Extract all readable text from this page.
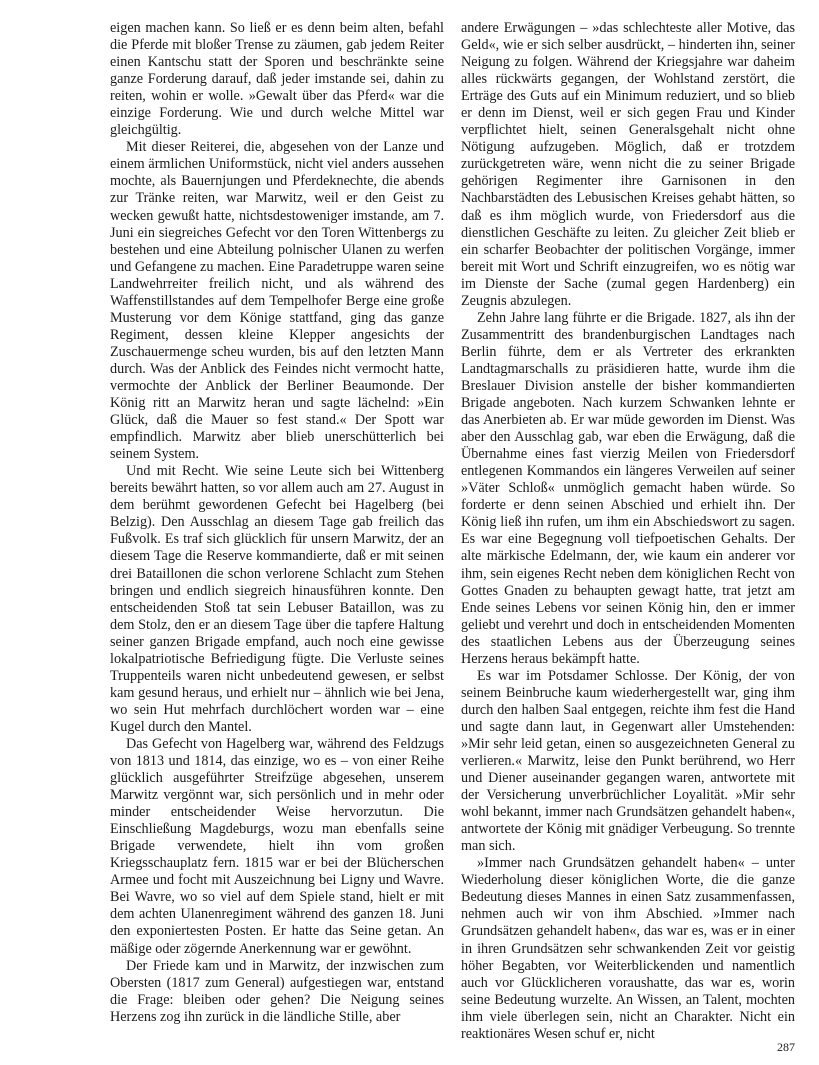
eigen machen kann. So ließ er es denn beim alten, befahl die Pferde mit bloßer Trense zu zäumen, gab jedem Reiter einen Kantschu statt der Sporen und beschränkte seine ganze Forderung darauf, daß jeder imstande sei, dahin zu reiten, wohin er wolle. »Gewalt über das Pferd« war die einzige Forderung. Wie und durch welche Mittel war gleichgültig.

Mit dieser Reiterei, die, abgesehen von der Lanze und einem ärmlichen Uniformstück, nicht viel anders aussehen mochte, als Bauernjungen und Pferdeknechte, die abends zur Tränke reiten, war Marwitz, weil er den Geist zu wecken gewußt hatte, nichtsdestoweniger imstande, am 7. Juni ein siegreiches Gefecht vor den Toren Wittenbergs zu bestehen und eine Abteilung polnischer Ulanen zu werfen und Gefangene zu machen. Eine Paradetruppe waren seine Landwehrreiter freilich nicht, und als während des Waffenstillstandes auf dem Tempelhofer Berge eine große Musterung vor dem Könige stattfand, ging das ganze Regiment, dessen kleine Klepper angesichts der Zuschauermenge scheu wurden, bis auf den letzten Mann durch. Was der Anblick des Feindes nicht vermocht hatte, vermochte der Anblick der Berliner Beaumonde. Der König ritt an Marwitz heran und sagte lächelnd: »Ein Glück, daß die Mauer so fest stand.« Der Spott war empfindlich. Marwitz aber blieb unerschütterlich bei seinem System.

Und mit Recht. Wie seine Leute sich bei Wittenberg bereits bewährt hatten, so vor allem auch am 27. August in dem berühmt gewordenen Gefecht bei Hagelberg (bei Belzig). Den Ausschlag an diesem Tage gab freilich das Fußvolk. Es traf sich glücklich für unsern Marwitz, der an diesem Tage die Reserve kommandierte, daß er mit seinen drei Bataillonen die schon verlorene Schlacht zum Stehen bringen und endlich siegreich hinausführen konnte. Den entscheidenden Stoß tat sein Lebuser Bataillon, was zu dem Stolz, den er an diesem Tage über die tapfere Haltung seiner ganzen Brigade empfand, auch noch eine gewisse lokalpatriotische Befriedigung fügte. Die Verluste seines Truppenteils waren nicht unbedeutend gewesen, er selbst kam gesund heraus, und erhielt nur – ähnlich wie bei Jena, wo sein Hut mehrfach durchlöchert worden war – eine Kugel durch den Mantel.

Das Gefecht von Hagelberg war, während des Feldzugs von 1813 und 1814, das einzige, wo es – von einer Reihe glücklich ausgeführter Streifzüge abgesehen, unserem Marwitz vergönnt war, sich persönlich und in mehr oder minder entscheidender Weise hervorzutun. Die Einschließung Magdeburgs, wozu man ebenfalls seine Brigade verwendete, hielt ihn vom großen Kriegsschauplatz fern. 1815 war er bei der Blücherschen Armee und focht mit Auszeichnung bei Ligny und Wavre. Bei Wavre, wo so viel auf dem Spiele stand, hielt er mit dem achten Ulanenregiment während des ganzen 18. Juni den exponiertesten Posten. Er hatte das Seine getan. An mäßige oder zögernde Anerkennung war er gewöhnt.

Der Friede kam und in Marwitz, der inzwischen zum Obersten (1817 zum General) aufgestiegen war, entstand die Frage: bleiben oder gehen? Die Neigung seines Herzens zog ihn zurück in die ländliche Stille, aber

andere Erwägungen – »das schlechteste aller Motive, das Geld«, wie er sich selber ausdrückt, – hinderten ihn, seiner Neigung zu folgen. Während der Kriegsjahre war daheim alles rückwärts gegangen, der Wohlstand zerstört, die Erträge des Guts auf ein Minimum reduziert, und so blieb er denn im Dienst, weil er sich gegen Frau und Kinder verpflichtet hielt, seinen Generalsgehalt nicht ohne Nötigung aufzugeben. Möglich, daß er trotzdem zurückgetreten wäre, wenn nicht die zu seiner Brigade gehörigen Regimenter ihre Garnisonen in den Nachbarstädten des Lebusischen Kreises gehabt hätten, so daß es ihm möglich wurde, von Friedersdorf aus die dienstlichen Geschäfte zu leiten. Zu gleicher Zeit blieb er ein scharfer Beobachter der politischen Vorgänge, immer bereit mit Wort und Schrift einzugreifen, wo es nötig war im Dienste der Sache (zumal gegen Hardenberg) ein Zeugnis abzulegen.

Zehn Jahre lang führte er die Brigade. 1827, als ihn der Zusammentritt des brandenburgischen Landtages nach Berlin führte, dem er als Vertreter des erkrankten Landtagmarschalls zu präsidieren hatte, wurde ihm die Breslauer Division anstelle der bisher kommandierten Brigade angeboten. Nach kurzem Schwanken lehnte er das Anerbieten ab. Er war müde geworden im Dienst. Was aber den Ausschlag gab, war eben die Erwägung, daß die Übernahme eines fast vierzig Meilen von Friedersdorf entlegenen Kommandos ein längeres Verweilen auf seiner »Väter Schloß« unmöglich gemacht haben würde. So forderte er denn seinen Abschied und erhielt ihn. Der König ließ ihn rufen, um ihm ein Abschiedswort zu sagen. Es war eine Begegnung voll tiefpoetischen Gehalts. Der alte märkische Edelmann, der, wie kaum ein anderer vor ihm, sein eigenes Recht neben dem königlichen Recht von Gottes Gnaden zu behaupten gewagt hatte, trat jetzt am Ende seines Lebens vor seinen König hin, den er immer geliebt und verehrt und doch in entscheidenden Momenten des staatlichen Lebens aus der Überzeugung seines Herzens heraus bekämpft hatte.

Es war im Potsdamer Schlosse. Der König, der von seinem Beinbruche kaum wiederhergestellt war, ging ihm durch den halben Saal entgegen, reichte ihm fest die Hand und sagte dann laut, in Gegenwart aller Umstehenden: »Mir sehr leid getan, einen so ausgezeichneten General zu verlieren.« Marwitz, leise den Punkt berührend, wo Herr und Diener auseinander gegangen waren, antwortete mit der Versicherung unverbrüchlicher Loyalität. »Mir sehr wohl bekannt, immer nach Grundsätzen gehandelt haben«, antwortete der König mit gnädiger Verbeugung. So trennte man sich.

»Immer nach Grundsätzen gehandelt haben« – unter Wiederholung dieser königlichen Worte, die die ganze Bedeutung dieses Mannes in einen Satz zusammenfassen, nehmen auch wir von ihm Abschied. »Immer nach Grundsätzen gehandelt haben«, das war es, was er in einer in ihren Grundsätzen sehr schwankenden Zeit vor geistig höher Begabten, vor Weiterblickenden und namentlich auch vor Glücklicheren voraushatte, das war es, worin seine Bedeutung wurzelte. An Wissen, an Talent, mochten ihm viele überlegen sein, nicht an Charakter. Nicht ein reaktionäres Wesen schuf er, nicht

287
